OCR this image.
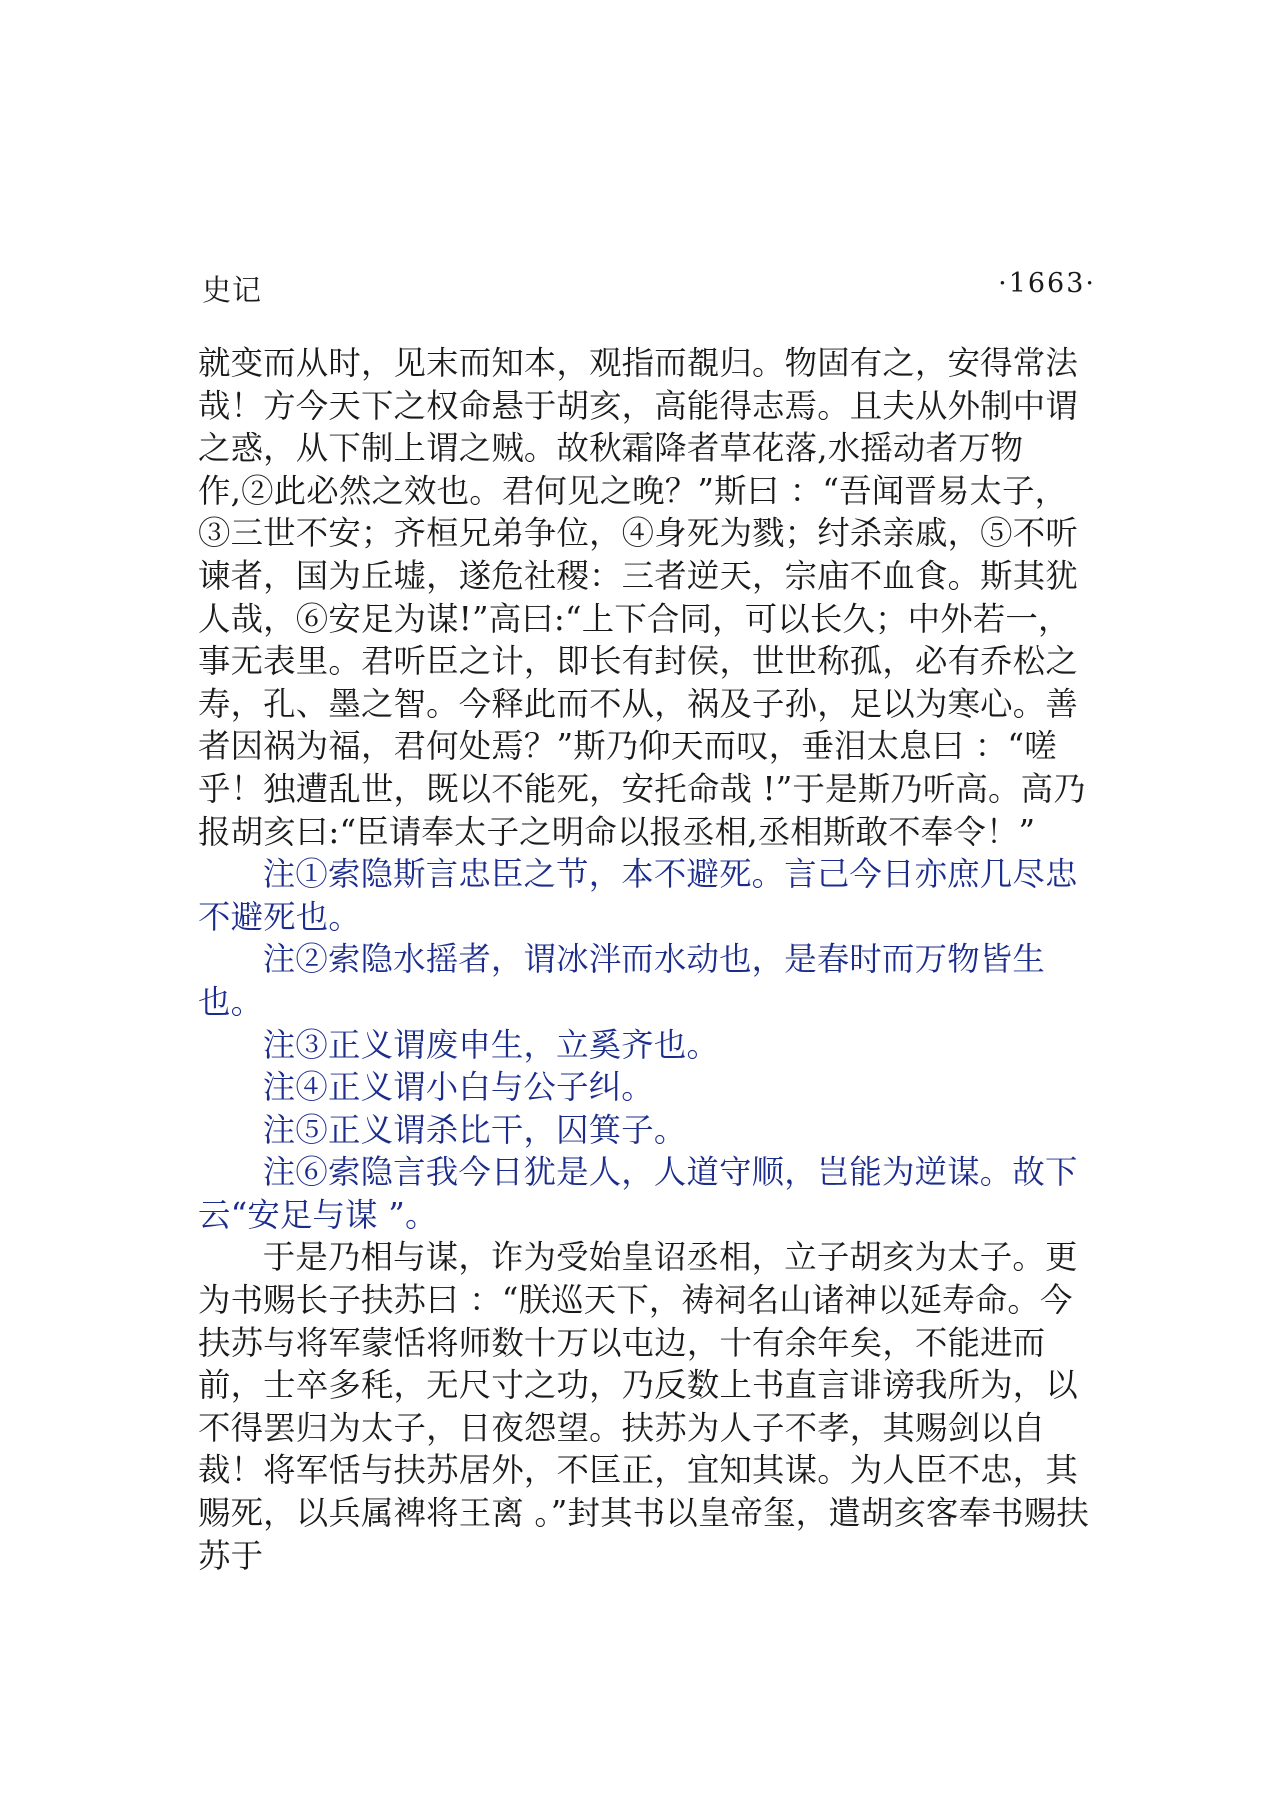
史记	·1663·

就变而从时，见末而知本，观指而覩归。物固有之，安得常法哉！方今天下之权命悬于胡亥，高能得志焉。且夫从外制中谓之惑，从下制上谓之贼。故秋霜降者草花落,水摇动者万物作,②此必然之效也。君何见之晚？”斯曰 ：“吾闻晋易太子，③三世不安；齐桓兄弟争位，④身死为戮；纣杀亲戚，⑤不听谏者，国为丘墟，遂危社稷：三者逆天，宗庙不血食。斯其犹人哉，⑥安足为谋!”高曰:“上下合同，可以长久；中外若一，事无表里。君听臣之计，即长有封侯，世世称孤，必有乔松之寿，孔、墨之智。今释此而不从，祸及子孙，足以为寒心。善者因祸为福，君何处焉？”斯乃仰天而叹，垂泪太息曰 ：“嗟乎！独遭乱世，既以不能死，安托命哉 !”于是斯乃听高。高乃报胡亥曰:“臣请奉太子之明命以报丞相,丞相斯敢不奉令！”

注①索隐斯言忠臣之节，本不避死。言己今日亦庶几尽忠不避死也。

注②索隐水摇者，谓冰泮而水动也，是春时而万物皆生也。

注③正义谓废申生，立奚齐也。

注④正义谓小白与公子纠。

注⑤正义谓杀比干，囚箕子。

注⑥索隐言我今日犹是人，人道守顺，岂能为逆谋。故下云“安足与谋 ”。

于是乃相与谋，诈为受始皇诏丞相，立子胡亥为太子。更为书赐长子扶苏曰 ：“朕巡天下，祷祠名山诸神以延寿命。今扶苏与将军蒙恬将师数十万以屯边，十有余年矣，不能进而前，士卒多秏，无尺寸之功，乃反数上书直言诽谤我所为，以不得罢归为太子，日夜怨望。扶苏为人子不孝，其赐剑以自裁！将军恬与扶苏居外，不匡正，宜知其谋。为人臣不忠，其赐死，以兵属裨将王离 。”封其书以皇帝玺，遣胡亥客奉书赐扶苏于
